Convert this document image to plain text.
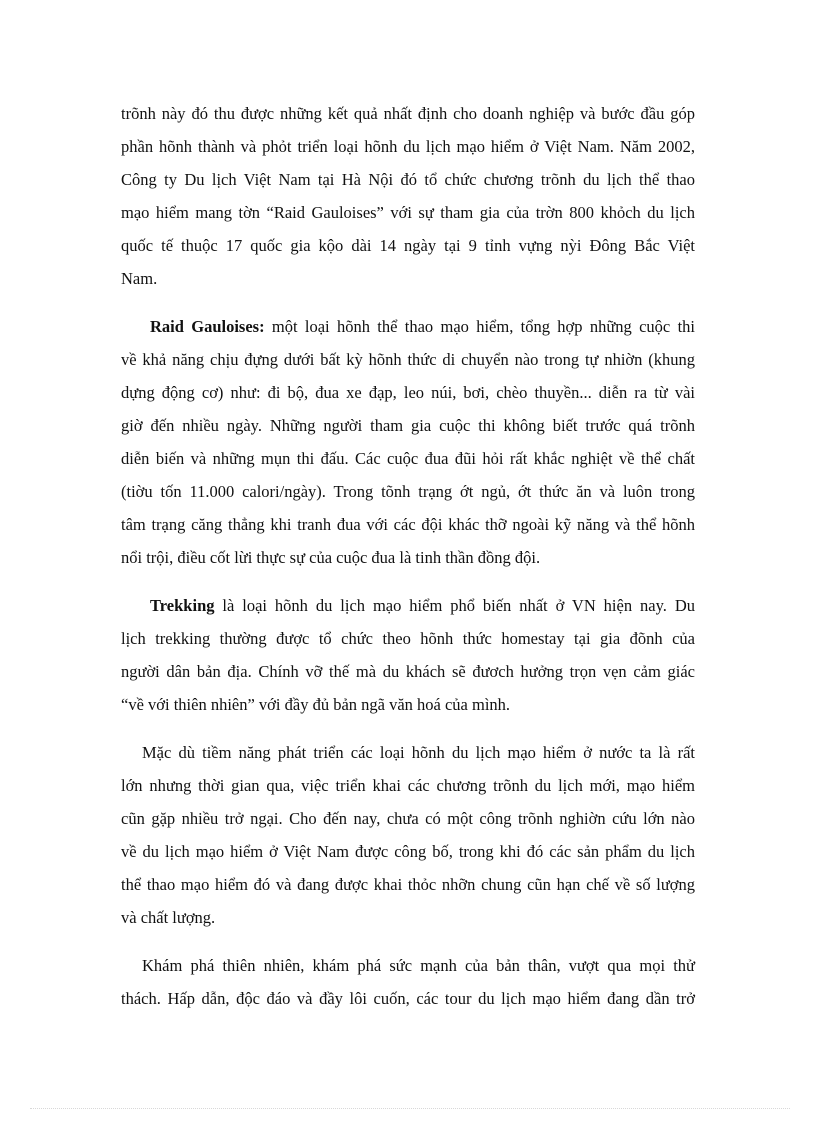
trõnh này đó thu được những kết quả nhất định cho doanh nghiệp và bước đầu góp
phần hõnh thành và phỏt triển loại hõnh du lịch mạo hiểm ở Việt Nam. Năm 2002,
Công ty Du lịch Việt Nam tại Hà Nội đó tổ chức chương trõnh du lịch thể thao
mạo hiểm mang tờn “Raid Gauloises” với sự tham gia của trờn 800 khỏch du lịch
quốc tế thuộc 17 quốc gia kộo dài 14 ngày tại 9 tỉnh vựng nỳi Đông Bắc Việt
Nam.
Raid Gauloises: một loại hõnh thể thao mạo hiểm, tổng hợp những cuộc thi
về khả năng chịu đựng dưới bất kỳ hõnh thức di chuyển nào trong tự nhiờn (khung
dựng động cơ) như: đi bộ, đua xe đạp, leo núi, bơi, chèo thuyền... diễn ra từ vài
giờ đến nhiều ngày. Những người tham gia cuộc thi không biết trước quá trõnh
diễn biến và những mụn thi đấu. Các cuộc đua đũi hỏi rất khắc nghiệt về thể chất
(tiờu tốn 11.000 calori/ngày). Trong tõnh trạng ớt ngủ, ớt thức ăn và luôn trong
tâm trạng căng thẳng khi tranh đua với các đội khác thỡ ngoài kỹ năng và thể hõnh
nổi trội, điều cốt lừi thực sự của cuộc đua là tinh thần đồng đội.
Trekking là loại hõnh du lịch mạo hiểm phổ biến nhất ở VN hiện nay. Du
lịch trekking thường được tổ chức theo hõnh thức homestay tại gia đõnh của
người dân bản địa. Chính vỡ thế mà du khách sẽ đươch hưởng trọn vẹn cảm giác
“về với thiên nhiên” với đầy đủ bản ngã văn hoá của mình.
Mặc dù tiềm năng phát triển các loại hõnh du lịch mạo hiểm ở nước ta là rất
lớn nhưng thời gian qua, việc triển khai các chương trõnh du lịch mới, mạo hiểm
cũn gặp nhiều trở ngại. Cho đến nay, chưa có một công trõnh nghiờn cứu lớn nào
về du lịch mạo hiểm ở Việt Nam được công bố, trong khi đó các sản phẩm du lịch
thể thao mạo hiểm đó và đang được khai thỏc nhỡn chung cũn hạn chế về số lượng
và chất lượng.
Khám phá thiên nhiên, khám phá sức mạnh của bản thân, vượt qua mọi thử
thách. Hấp dẫn, độc đáo và đầy lôi cuốn, các tour du lịch mạo hiểm đang dần trở
